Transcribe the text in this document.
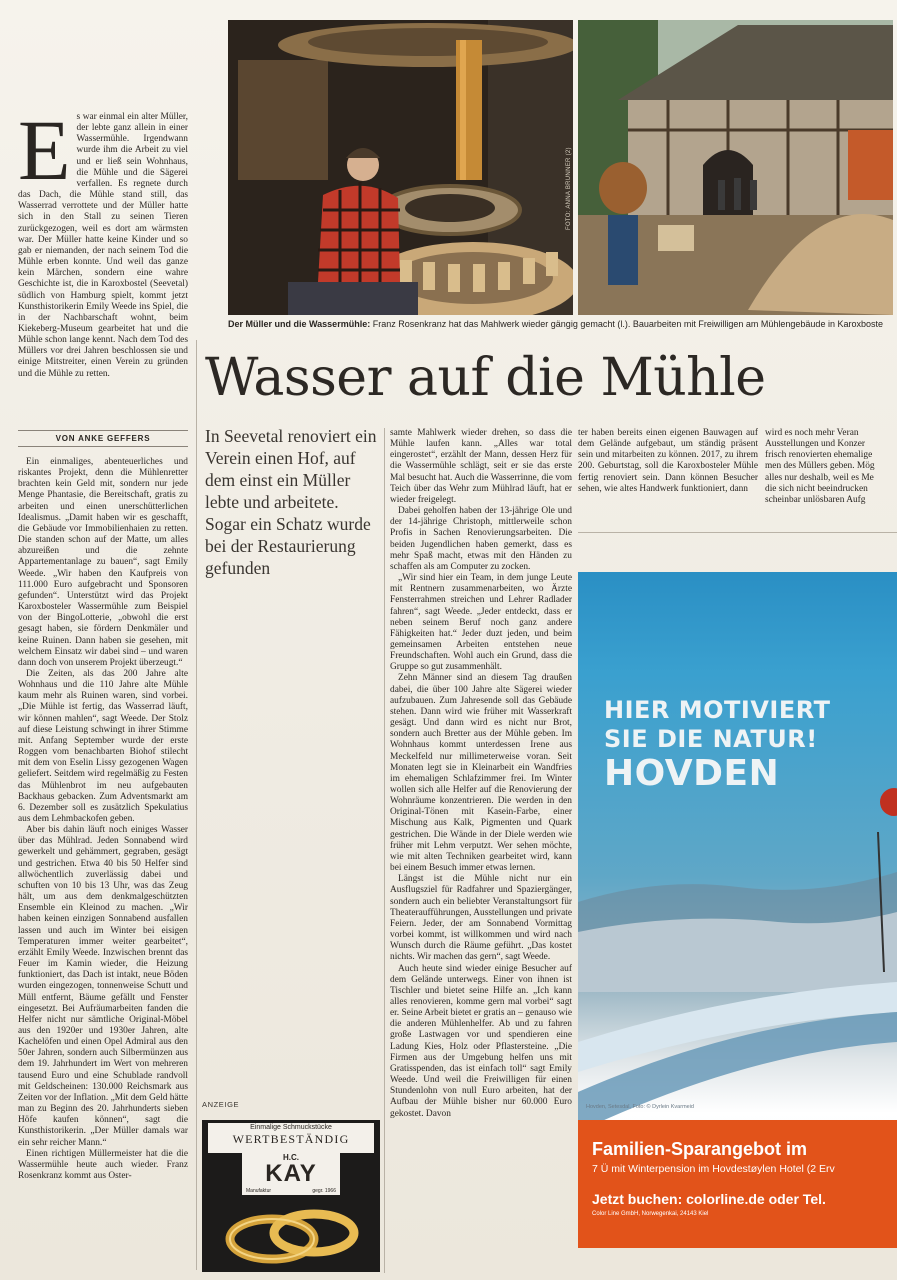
FOTO: ANNA BRUNNER (2)
Der Müller und die Wassermühle: Franz Rosenkranz hat das Mahlwerk wieder gängig gemacht (l.). Bauarbeiten mit Freiwilligen am Mühlengebäude in Karoxboste
E s war einmal ein alter Müller, der lebte ganz allein in einer Wassermühle. Irgendwann wurde ihm die Arbeit zu viel und er ließ sein Wohnhaus, die Mühle und die Sägerei verfallen. Es regnete durch das Dach, die Mühle stand still, das Wasserrad verrottete und der Müller hatte sich in den Stall zu seinen Tieren zurückgezogen, weil es dort am wärmsten war. Der Müller hatte keine Kinder und so gab er niemanden, der nach seinem Tod die Mühle erben konnte. Und weil das ganze kein Märchen, sondern eine wahre Geschichte ist, die in Karoxbostel (Seevetal) südlich von Hamburg spielt, kommt jetzt Kunsthistorikerin Emily Weede ins Spiel, die in der Nachbarschaft wohnt, beim Kiekeberg-Museum gearbeitet hat und die Mühle schon lange kennt. Nach dem Tod des Müllers vor drei Jahren beschlossen sie und einige Mitstreiter, einen Verein zu gründen und die Mühle zu retten.

VON ANKE GEFFERS

Ein einmaliges, abenteuerliches und riskantes Projekt, denn die Mühlenretter brachten kein Geld mit, sondern nur jede Menge Phantasie, die Bereitschaft, gratis zu arbeiten und einen unerschütterlichen Idealismus. „Damit haben wir es geschafft, die Gebäude vor Immobilienhaien zu retten. Die standen schon auf der Matte, um alles abzureißen und die zehnte Appartementanlage zu bauen“, sagt Emily Weede. „Wir haben den Kaufpreis von 111.000 Euro aufgebracht und Sponsoren gefunden“. Unterstützt wird das Projekt Karoxbosteler Wassermühle zum Beispiel von der BingoLotterie, „obwohl die erst gesagt haben, sie fördern Denkmäler und keine Ruinen. Dann haben sie gesehen, mit welchem Einsatz wir dabei sind – und waren dann doch von unserem Projekt überzeugt.“

Die Zeiten, als das 200 Jahre alte Wohnhaus und die 110 Jahre alte Mühle kaum mehr als Ruinen waren, sind vorbei. „Die Mühle ist fertig, das Wasserrad läuft, wir können mahlen“, sagt Weede. Der Stolz auf diese Leistung schwingt in ihrer Stimme mit. Anfang September wurde der erste Roggen vom benachbarten Biohof stilecht mit dem von Eselin Lissy gezogenen Wagen geliefert. Seitdem wird regelmäßig zu Festen das Mühlenbrot im neu aufgebauten Backhaus gebacken. Zum Adventsmarkt am 6. Dezember soll es zusätzlich Spekulatius aus dem Lehmbackofen geben.

Aber bis dahin läuft noch einiges Wasser über das Mühlrad. Jeden Sonnabend wird gewerkelt und gehämmert, gegraben, gesägt und gestrichen. Etwa 40 bis 50 Helfer sind allwöchentlich zuverlässig dabei und schuften von 10 bis 13 Uhr, was das Zeug hält, um aus dem denkmalgeschützten Ensemble ein Kleinod zu machen. „Wir haben keinen einzigen Sonnabend ausfallen lassen und auch im Winter bei eisigen Temperaturen immer weiter gearbeitet“, erzählt Emily Weede. Inzwischen brennt das Feuer im Kamin wieder, die Heizung funktioniert, das Dach ist intakt, neue Böden wurden eingezogen, tonnenweise Schutt und Müll entfernt, Bäume gefällt und Fenster eingesetzt. Bei Aufräumarbeiten fanden die Helfer nicht nur sämtliche Original-Möbel aus den 1920er und 1930er Jahren, alte Kachelöfen und einen Opel Admiral aus den 50er Jahren, sondern auch Silbermünzen aus dem 19. Jahrhundert im Wert von mehreren tausend Euro und eine Schublade randvoll mit Geldscheinen: 130.000 Reichsmark aus Zeiten vor der Inflation. „Mit dem Geld hätte man zu Beginn des 20. Jahrhunderts sieben Höfe kaufen können“, sagt die Kunsthistorikerin. „Der Müller damals war ein sehr reicher Mann.“

Einen richtigen Müllermeister hat die die Wassermühle heute auch wieder. Franz Rosenkranz kommt aus Oster-

Wasser auf die Mühle
In Seevetal renoviert ein Verein einen Hof, auf dem einst ein Müller lebte und arbeitete. Sogar ein Schatz wurde bei der Restaurierung gefunden

samte Mahlwerk wieder drehen, so dass die Mühle laufen kann. „Alles war total eingerostet“, erzählt der Mann, dessen Herz für die Wassermühle schlägt, seit er sie das erste Mal besucht hat. Auch die Wasserrinne, die vom Teich über das Wehr zum Mühlrad läuft, hat er wieder freigelegt.

Dabei geholfen haben der 13-jährige Ole und der 14-jährige Christoph, mittlerweile schon Profis in Sachen Renovierungsarbeiten. Die beiden Jugendlichen haben gemerkt, dass es mehr Spaß macht, etwas mit den Händen zu schaffen als am Computer zu zocken.

„Wir sind hier ein Team, in dem junge Leute mit Rentnern zusammenarbeiten, wo Ärzte Fensterrahmen streichen und Lehrer Radlader fahren“, sagt Weede. „Jeder entdeckt, dass er neben seinem Beruf noch ganz andere Fähigkeiten hat.“ Jeder duzt jeden, und beim gemeinsamen Arbeiten entstehen neue Freundschaften. Wohl auch ein Grund, dass die Gruppe so gut zusammenhält.

Zehn Männer sind an diesem Tag draußen dabei, die über 100 Jahre alte Sägerei wieder aufzubauen. Zum Jahresende soll das Gebäude stehen. Dann wird wie früher mit Wasserkraft gesägt. Und dann wird es nicht nur Brot, sondern auch Bretter aus der Mühle geben. Im Wohnhaus kommt unterdessen Irene aus Meckelfeld nur millimeterweise voran. Seit Monaten legt sie in Kleinarbeit ein Wandfries im ehemaligen Schlafzimmer frei. Im Winter wollen sich alle Helfer auf die Renovierung der Wohnräume konzentrieren. Die werden in den Original-Tönen mit Kasein-Farbe, einer Mischung aus Kalk, Pigmenten und Quark gestrichen. Die Wände in der Diele werden wie früher mit Lehm verputzt. Wer sehen möchte, wie mit alten Techniken gearbeitet wird, kann bei einem Besuch immer etwas lernen.

Längst ist die Mühle nicht nur ein Ausflugsziel für Radfahrer und Spaziergänger, sondern auch ein beliebter Veranstaltungsort für Theateraufführungen, Ausstellungen und private Feiern. Jeder, der am Sonnabend Vormittag vorbei kommt, ist willkommen und wird nach Wunsch durch die Räume geführt. „Das kostet nichts. Wir machen das gern“, sagt Weede.

Auch heute sind wieder einige Besucher auf dem Gelände unterwegs. Einer von ihnen ist Tischler und bietet seine Hilfe an. „Ich kann alles renovieren, komme gern mal vorbei“ sagt er. Seine Arbeit bietet er gratis an – genauso wie die anderen Mühlenhelfer. Ab und zu fahren große Lastwagen vor und spendieren eine Ladung Kies, Holz oder Pflastersteine. „Die Firmen aus der Umgebung helfen uns mit Gratisspenden, das ist einfach toll“ sagt Emily Weede. Und weil die Freiwilligen für einen Stundenlohn von null Euro arbeiten, hat der Aufbau der Mühle bisher nur 60.000 Euro gekostet. Davon

ter haben bereits einen eigenen Bauwagen auf dem Gelände aufgebaut, um ständig präsent sein und mitarbeiten zu können. 2017, zu ihrem 200. Geburtstag, soll die Karoxbosteler Mühle fertig renoviert sein. Dann können Besucher sehen, wie altes Handwerk funktioniert, dann

wird es noch mehr Veran

Ausstellungen und Konzer

frisch renovierten ehemalige

men des Müllers geben. Mög

alles nur deshalb, weil es Me

die sich nicht beeindrucken

scheinbar unlösbaren Aufg

ANZEIGE
Einmalige Schmuckstücke
WERTBESTÄNDIG
H.C.
KAY
Manufaktur	gegr. 1966
HIER MOTIVIERT
SIE DIE NATUR!
HOVDEN
Hovden, Setesdal, Foto: © Dyrlein Kvarmeid
Familien-Sparangebot im
7 Ü mit Winterpension im Hovdestøylen Hotel (2 Erv
Jetzt buchen: colorline.de oder Tel.
Color Line GmbH, Norwegenkai, 24143 Kiel
